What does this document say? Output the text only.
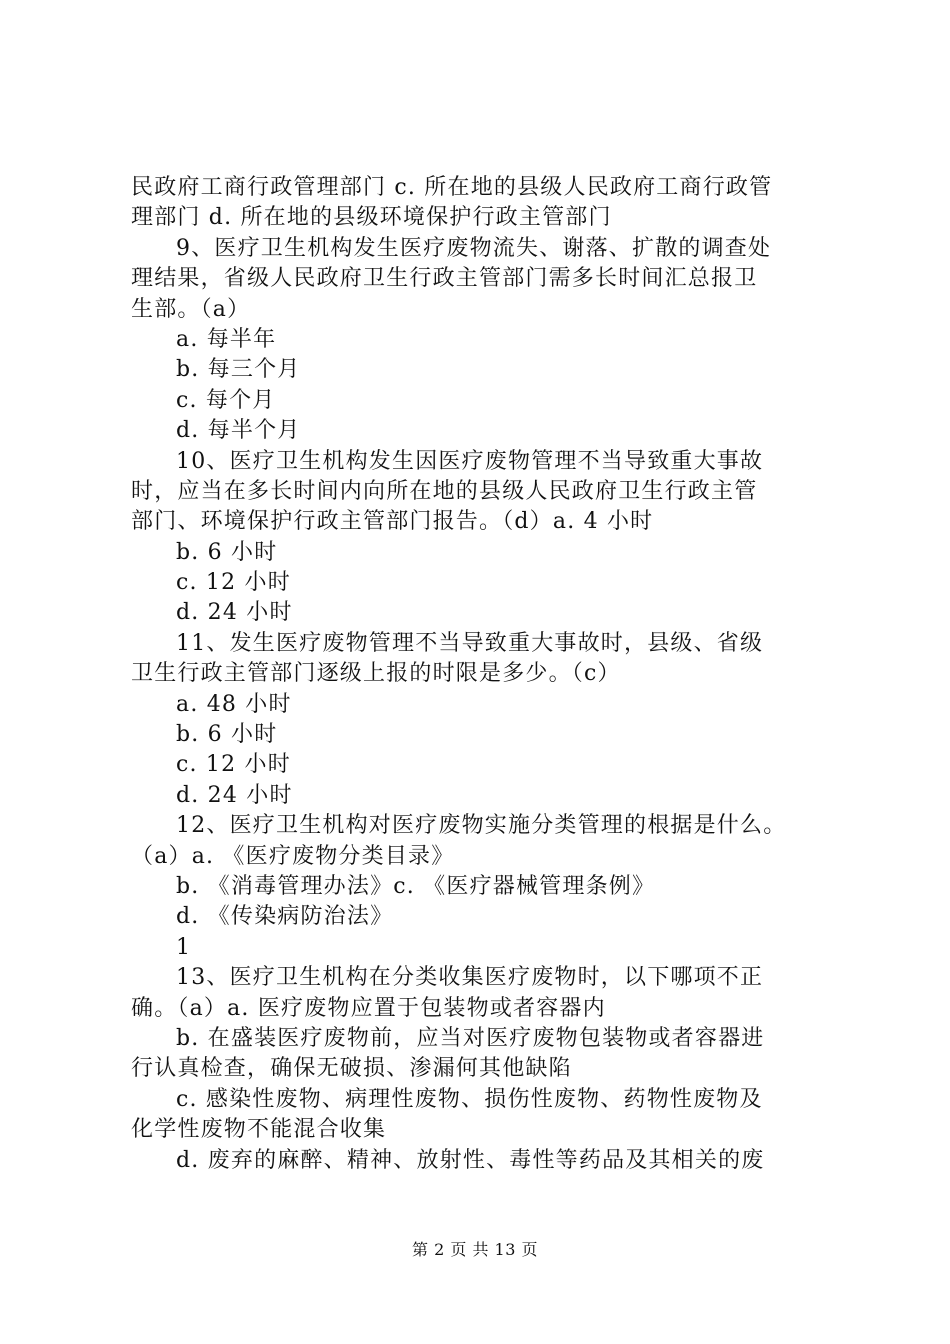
民政府工商行政管理部门 c. 所在地的县级人民政府工商行政管
理部门 d. 所在地的县级环境保护行政主管部门
9、医疗卫生机构发生医疗废物流失、谢落、扩散的调查处
理结果，省级人民政府卫生行政主管部门需多长时间汇总报卫
生部。（a）
a. 每半年
b. 每三个月
c. 每个月
d. 每半个月
10、医疗卫生机构发生因医疗废物管理不当导致重大事故
时，应当在多长时间内向所在地的县级人民政府卫生行政主管
部门、环境保护行政主管部门报告。（d）a. 4 小时
b. 6 小时
c. 12 小时
d. 24 小时
11、发生医疗废物管理不当导致重大事故时，县级、省级
卫生行政主管部门逐级上报的时限是多少。（c）
a. 48 小时
b. 6 小时
c. 12 小时
d. 24 小时
12、医疗卫生机构对医疗废物实施分类管理的根据是什么。
（a）a. 《医疗废物分类目录》
b. 《消毒管理办法》c. 《医疗器械管理条例》
d. 《传染病防治法》
1
13、医疗卫生机构在分类收集医疗废物时，以下哪项不正
确。（a）a. 医疗废物应置于包装物或者容器内
b. 在盛装医疗废物前，应当对医疗废物包装物或者容器进
行认真检查，确保无破损、渗漏何其他缺陷
c. 感染性废物、病理性废物、损伤性废物、药物性废物及
化学性废物不能混合收集
d. 废弃的麻醉、精神、放射性、毒性等药品及其相关的废
第 2 页 共 13 页
